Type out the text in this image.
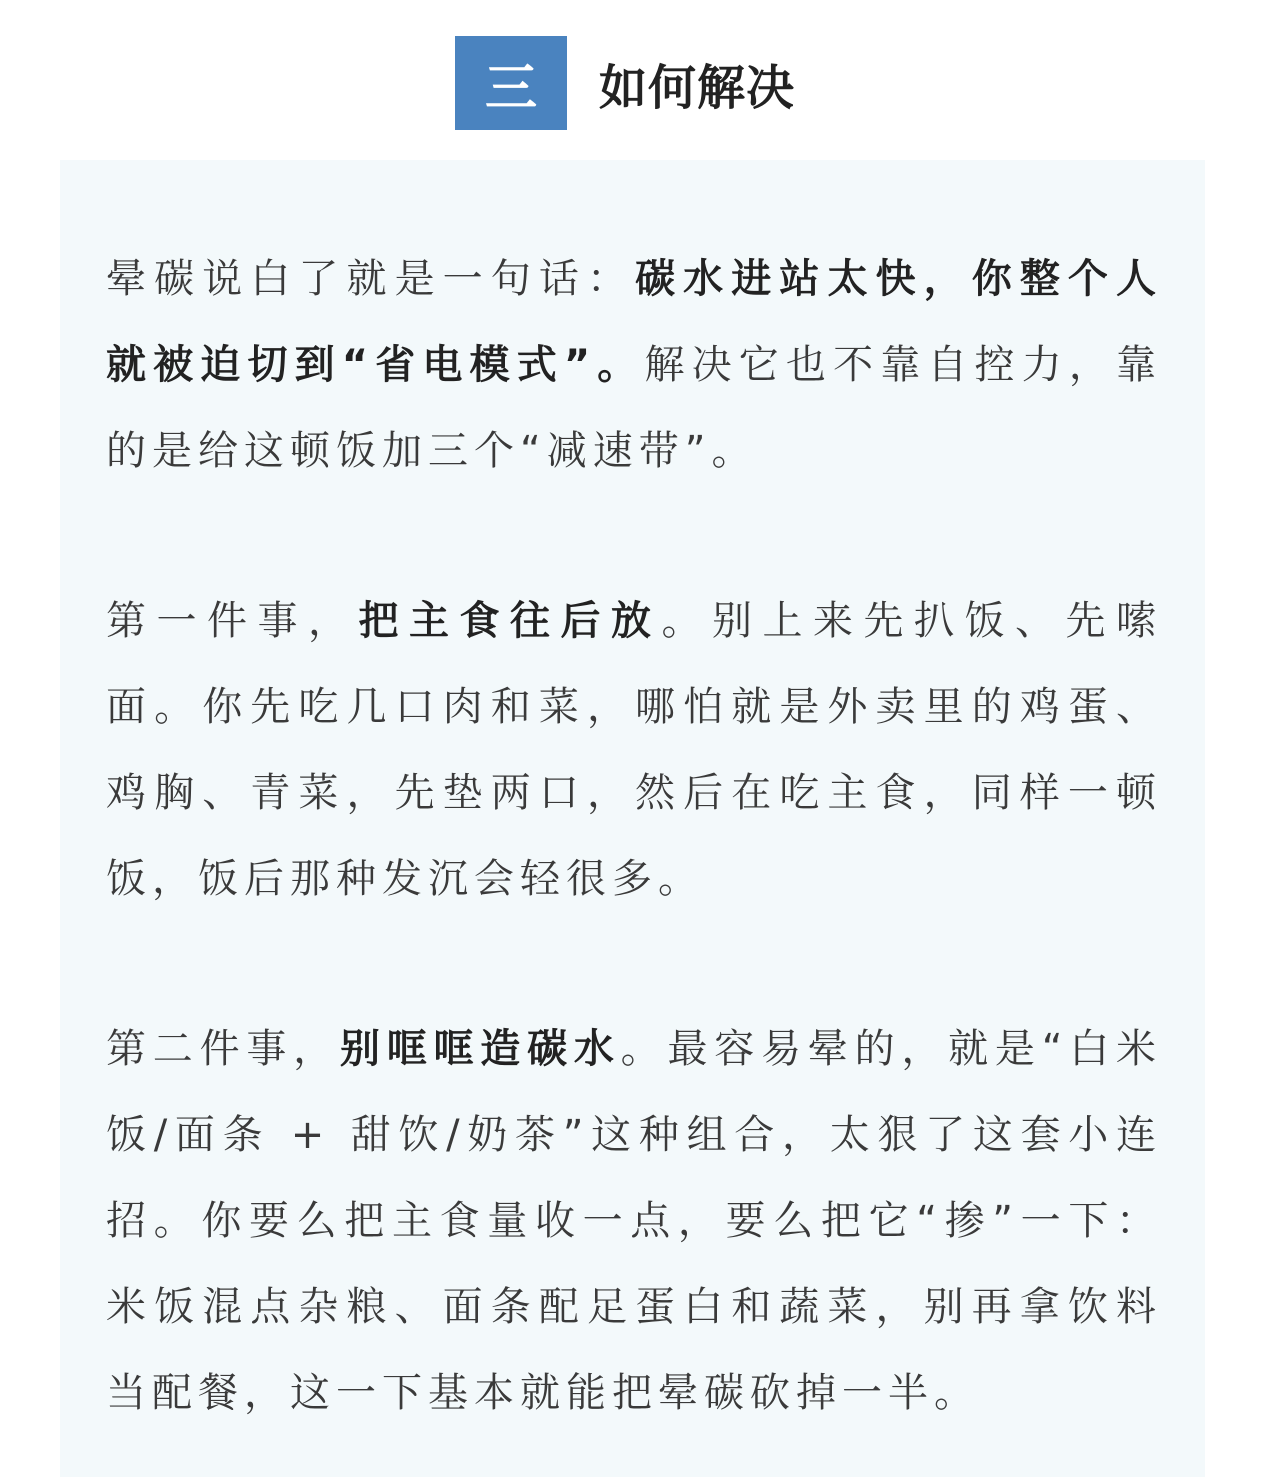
三	如何解决

晕碳说白了就是一句话：碳水进站太快，你整个人就被迫切到“省电模式”。解决它也不靠自控力，靠的是给这顿饭加三个“减速带”。

第一件事，把主食往后放。别上来先扒饭、先嗦面。你先吃几口肉和菜，哪怕就是外卖里的鸡蛋、鸡胸、青菜，先垫两口，然后在吃主食，同样一顿饭，饭后那种发沉会轻很多。

第二件事，别哐哐造碳水。最容易晕的，就是“白米饭/面条 + 甜饮/奶茶”这种组合，太狠了这套小连招。你要么把主食量收一点，要么把它“掺”一下：米饭混点杂粮、面条配足蛋白和蔬菜，别再拿饮料当配餐，这一下基本就能把晕碳砍掉一半。
